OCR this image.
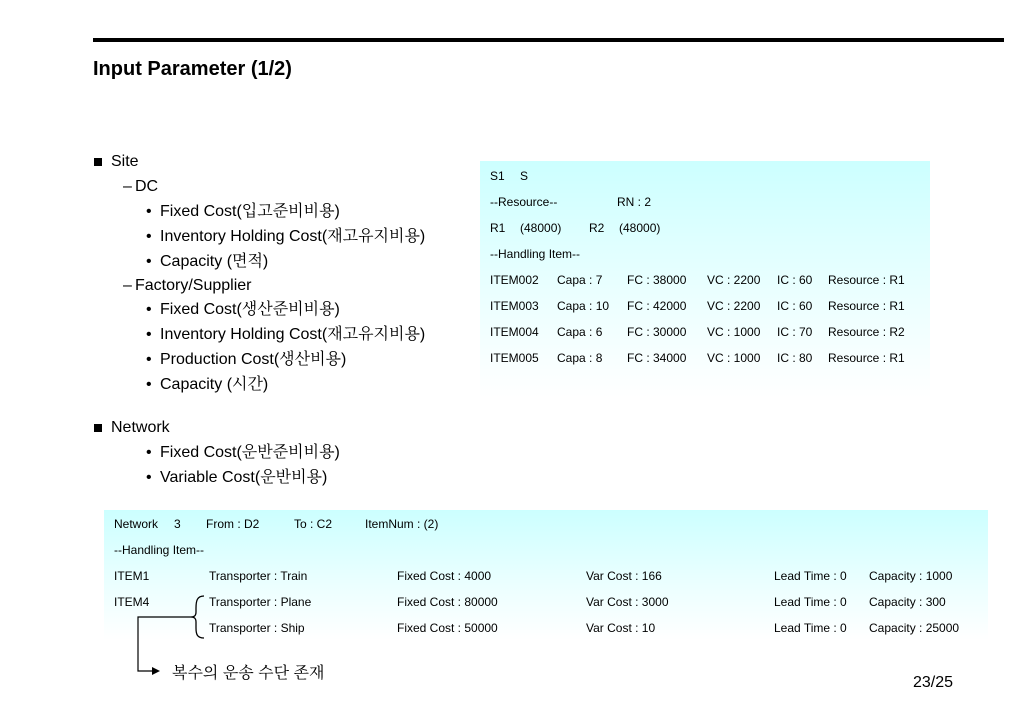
Input Parameter (1/2)
Site
– DC
• Fixed Cost(입고준비비용)
• Inventory Holding Cost(재고유지비용)
• Capacity (면적)
– Factory/Supplier
• Fixed Cost(생산준비비용)
• Inventory Holding Cost(재고유지비용)
• Production Cost(생산비용)
• Capacity (시간)
Network
• Fixed Cost(운반준비비용)
• Variable Cost(운반비용)
S1 S
--Resource--	RN : 2
R1 (48000) R2 (48000)
--Handling Item--
ITEM002 Capa : 7 FC : 38000 VC : 2200 IC : 60 Resource : R1
ITEM003 Capa : 10 FC : 42000 VC : 2200 IC : 60 Resource : R1
ITEM004 Capa : 6 FC : 30000 VC : 1000 IC : 70 Resource : R2
ITEM005 Capa : 8 FC : 34000 VC : 1000 IC : 80 Resource : R1
Network 3 From : D2	To : C2	ItemNum : (2)
--Handling Item--
ITEM1	Transporter : Train	Fixed Cost : 4000	Var Cost : 166	Lead Time : 0 Capacity : 1000
ITEM4	Transporter : Plane	Fixed Cost : 80000	Var Cost : 3000	Lead Time : 0 Capacity : 300
Transporter : Ship	Fixed Cost : 50000	Var Cost : 10	Lead Time : 0 Capacity : 25000
복수의 운송 수단 존재
23/25
